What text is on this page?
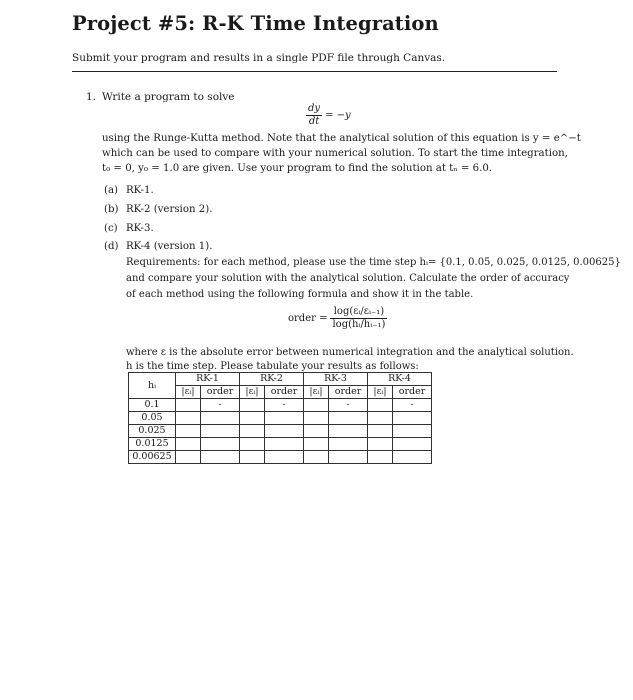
Project #5: R-K Time Integration
Submit your program and results in a single PDF file through Canvas.
1. Write a program to solve
$\frac{dy}{dt} = -y$
using the Runge-Kutta method. Note that the analytical solution of this equation is y = e^−t
which can be used to compare with your numerical solution. To start the time integration,
t₀ = 0, y₀ = 1.0 are given. Use your program to find the solution at tₙ = 6.0.
(a) RK-1.
(b) RK-2 (version 2).
(c) RK-3.
(d) RK-4 (version 1).
Requirements: for each method, please use the time step hᵢ= {0.1, 0.05, 0.025, 0.0125, 0.00625}
and compare your solution with the analytical solution. Calculate the order of accuracy
of each method using the following formula and show it in the table.
order = $\frac{\text{log(εᵢ/εᵢ₋₁)}}{\text{log(hᵢ/hᵢ₋₁)}}$
where ε is the absolute error between numerical integration and the analytical solution.
h is the time step. Please tabulate your results as follows:
hᵢ	RK-1		RK-2		RK-3		RK-4	
	|εᵢ|	order	|εᵢ|	order	|εᵢ|	order	|εᵢ|	order
0.1		-		-		-		-
0.05								
0.025								
0.0125								
0.00625								
